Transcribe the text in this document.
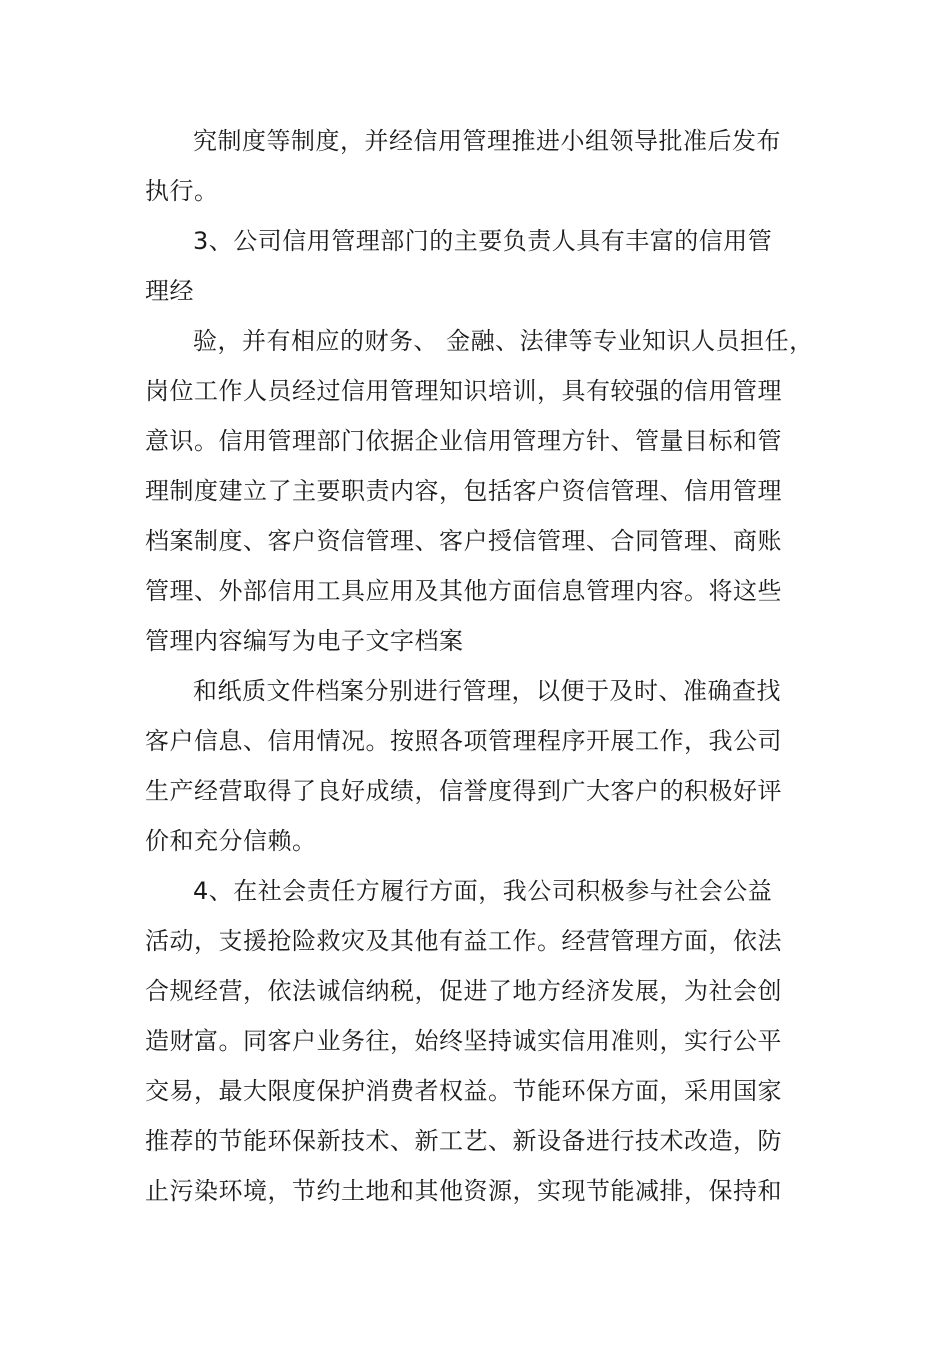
究制度等制度，并经信用管理推进小组领导批准后发布
执行。
3、公司信用管理部门的主要负责人具有丰富的信用管
理经
验，并有相应的财务、 金融、法律等专业知识人员担任，
岗位工作人员经过信用管理知识培训，具有较强的信用管理
意识。信用管理部门依据企业信用管理方针、管量目标和管
理制度建立了主要职责内容，包括客户资信管理、信用管理
档案制度、客户资信管理、客户授信管理、合同管理、商账
管理、外部信用工具应用及其他方面信息管理内容。将这些
管理内容编写为电子文字档案
和纸质文件档案分别进行管理，以便于及时、准确查找
客户信息、信用情况。按照各项管理程序开展工作，我公司
生产经营取得了良好成绩，信誉度得到广大客户的积极好评
价和充分信赖。
4、在社会责任方履行方面，我公司积极参与社会公益
活动，支援抢险救灾及其他有益工作。经营管理方面，依法
合规经营，依法诚信纳税，促进了地方经济发展，为社会创
造财富。同客户业务往，始终坚持诚实信用准则，实行公平
交易，最大限度保护消费者权益。节能环保方面，采用国家
推荐的节能环保新技术、新工艺、新设备进行技术改造，防
止污染环境，节约土地和其他资源，实现节能减排，保持和
